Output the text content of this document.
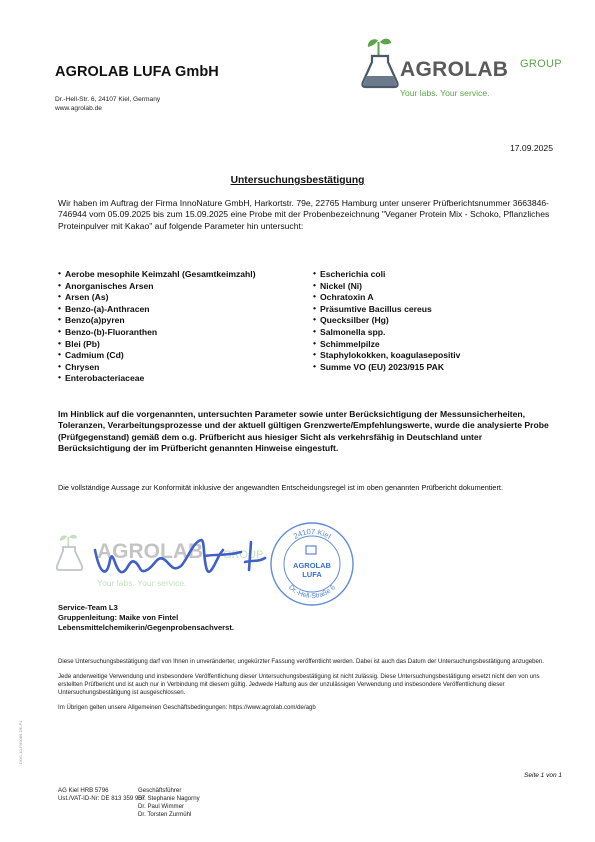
AGROLAB LUFA GmbH
Dr.-Hell-Str. 6, 24107 Kiel, Germany
www.agrolab.de
AGROLAB GROUP
Your labs. Your service.
17.09.2025
Untersuchungsbestätigung
Wir haben im Auftrag der Firma InnoNature GmbH, Harkortstr. 79e, 22765 Hamburg unter unserer Prüfberichtsnummer 3663846-746944 vom 05.09.2025 bis zum 15.09.2025 eine Probe mit der Probenbezeichnung "Veganer Protein Mix - Schoko, Pflanzliches Proteinpulver mit Kakao" auf folgende Parameter hin untersucht:
• Aerobe mesophile Keimzahl (Gesamtkeimzahl)
• Anorganisches Arsen
• Arsen (As)
• Benzo-(a)-Anthracen
• Benzo(a)pyren
• Benzo-(b)-Fluoranthen
• Blei (Pb)
• Cadmium (Cd)
• Chrysen
• Enterobacteriaceae
• Escherichia coli
• Nickel (Ni)
• Ochratoxin A
• Präsumtive Bacillus cereus
• Quecksilber (Hg)
• Salmonella spp.
• Schimmelpilze
• Staphylokokken, koagulasepositiv
• Summe VO (EU) 2023/915 PAK
Im Hinblick auf die vorgenannten, untersuchten Parameter sowie unter Berücksichtigung der Messunsicherheiten, Toleranzen, Verarbeitungsprozesse und der aktuell gültigen Grenzwerte/Empfehlungswerte, wurde die analysierte Probe (Prüfgegenstand) gemäß dem o.g. Prüfbericht aus hiesiger Sicht als verkehrsfähig in Deutschland unter Berücksichtigung der im Prüfbericht genannten Hinweise eingestuft.
Die vollständige Aussage zur Konformität inklusive der angewandten Entscheidungsregel ist im oben genannten Prüfbericht dokumentiert.
AGROLAB GROUP
Your labs. Your service.
24107 Kiel
Dr.-Hell-Straße 6
AGROLAB
LUFA
Service-Team L3
Gruppenleitung: Maike von Fintel
Lebensmittelchemikerin/Gegenprobensachverst.

Diese Untersuchungsbestätigung darf von Ihnen in unveränderter, ungekürzter Fassung veröffentlicht werden. Dabei ist auch das Datum der Untersuchungsbestätigung anzugeben.

Jede anderweitige Verwendung und insbesondere Veröffentlichung dieser Untersuchungsbestätigung ist nicht zulässig. Diese Untersuchungsbestätigung ersetzt nicht den von uns erstellten Prüfbericht und ist auch nur in Verbindung mit diesem gültig. Jedwede Haftung aus der unzulässigen Verwendung und insbesondere Veröffentlichung dieser Untersuchungsbestätigung ist ausgeschlossen.

Im Übrigen gelten unsere Allgemeinen Geschäftsbedingungen: https://www.agrolab.com/de/agb

Seite 1 von 1
AG Kiel HRB 5796
Ust./VAT-ID-Nr: DE 813 359 957
Geschäftsführer
Dr. Stephanie Nagorny
Dr. Paul Wimmer
Dr. Torsten Zurmühl
DOC-10-FH9089-DE-P1
